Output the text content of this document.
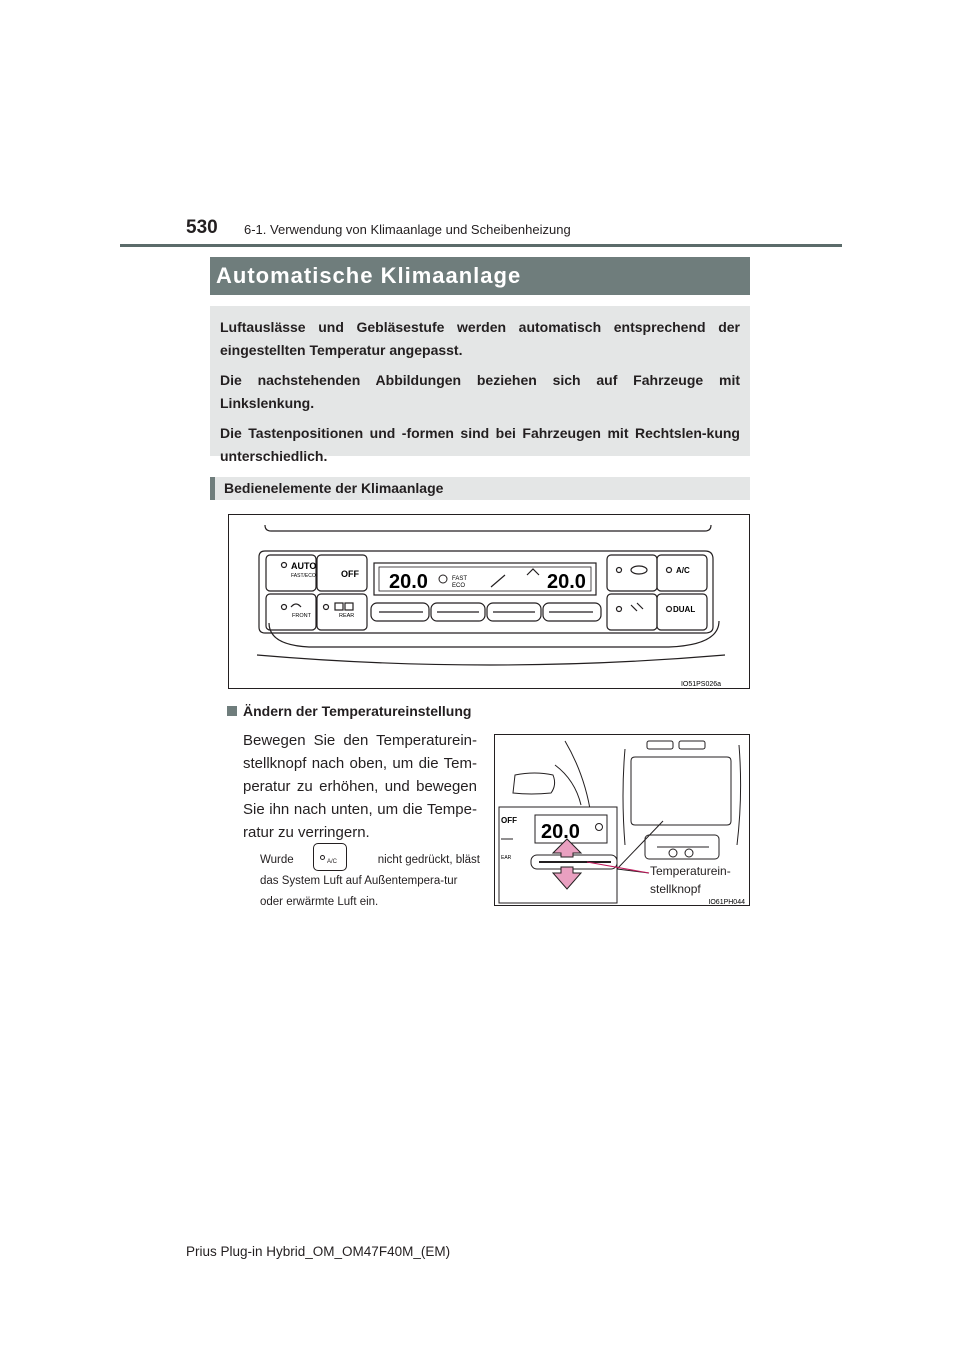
530 6-1. Verwendung von Klimaanlage und Scheibenheizung
Automatische Klimaanlage

Luftauslässe und Gebläsestufe werden automatisch entsprechend der eingestellten Temperatur angepasst.

Die nachstehenden Abbildungen beziehen sich auf Fahrzeuge mit Linkslenkung.

Die Tastenpositionen und -formen sind bei Fahrzeugen mit Rechtslen-kung unterschiedlich.

Bedienelemente der Klimaanlage
20.0	20.0
FAST
ECO
AUTO
FAST/ECO	OFF
FRONT	REAR
A/C
DUAL
IO51PS026a
Ändern der Temperatureinstellung
Bewegen Sie den Temperaturein-stellknopf nach oben, um die Tem-peratur zu erhöhen, und bewegen Sie ihn nach unten, um die Tempe-ratur zu verringern.
Wurde	A/C	nicht gedrückt, bläst
das System Luft auf Außentempera-tur oder erwärmte Luft ein.
20.0
OFF
EAR
IO61PH044
Temperaturein-
stellknopf
Prius Plug-in Hybrid_OM_OM47F40M_(EM)
